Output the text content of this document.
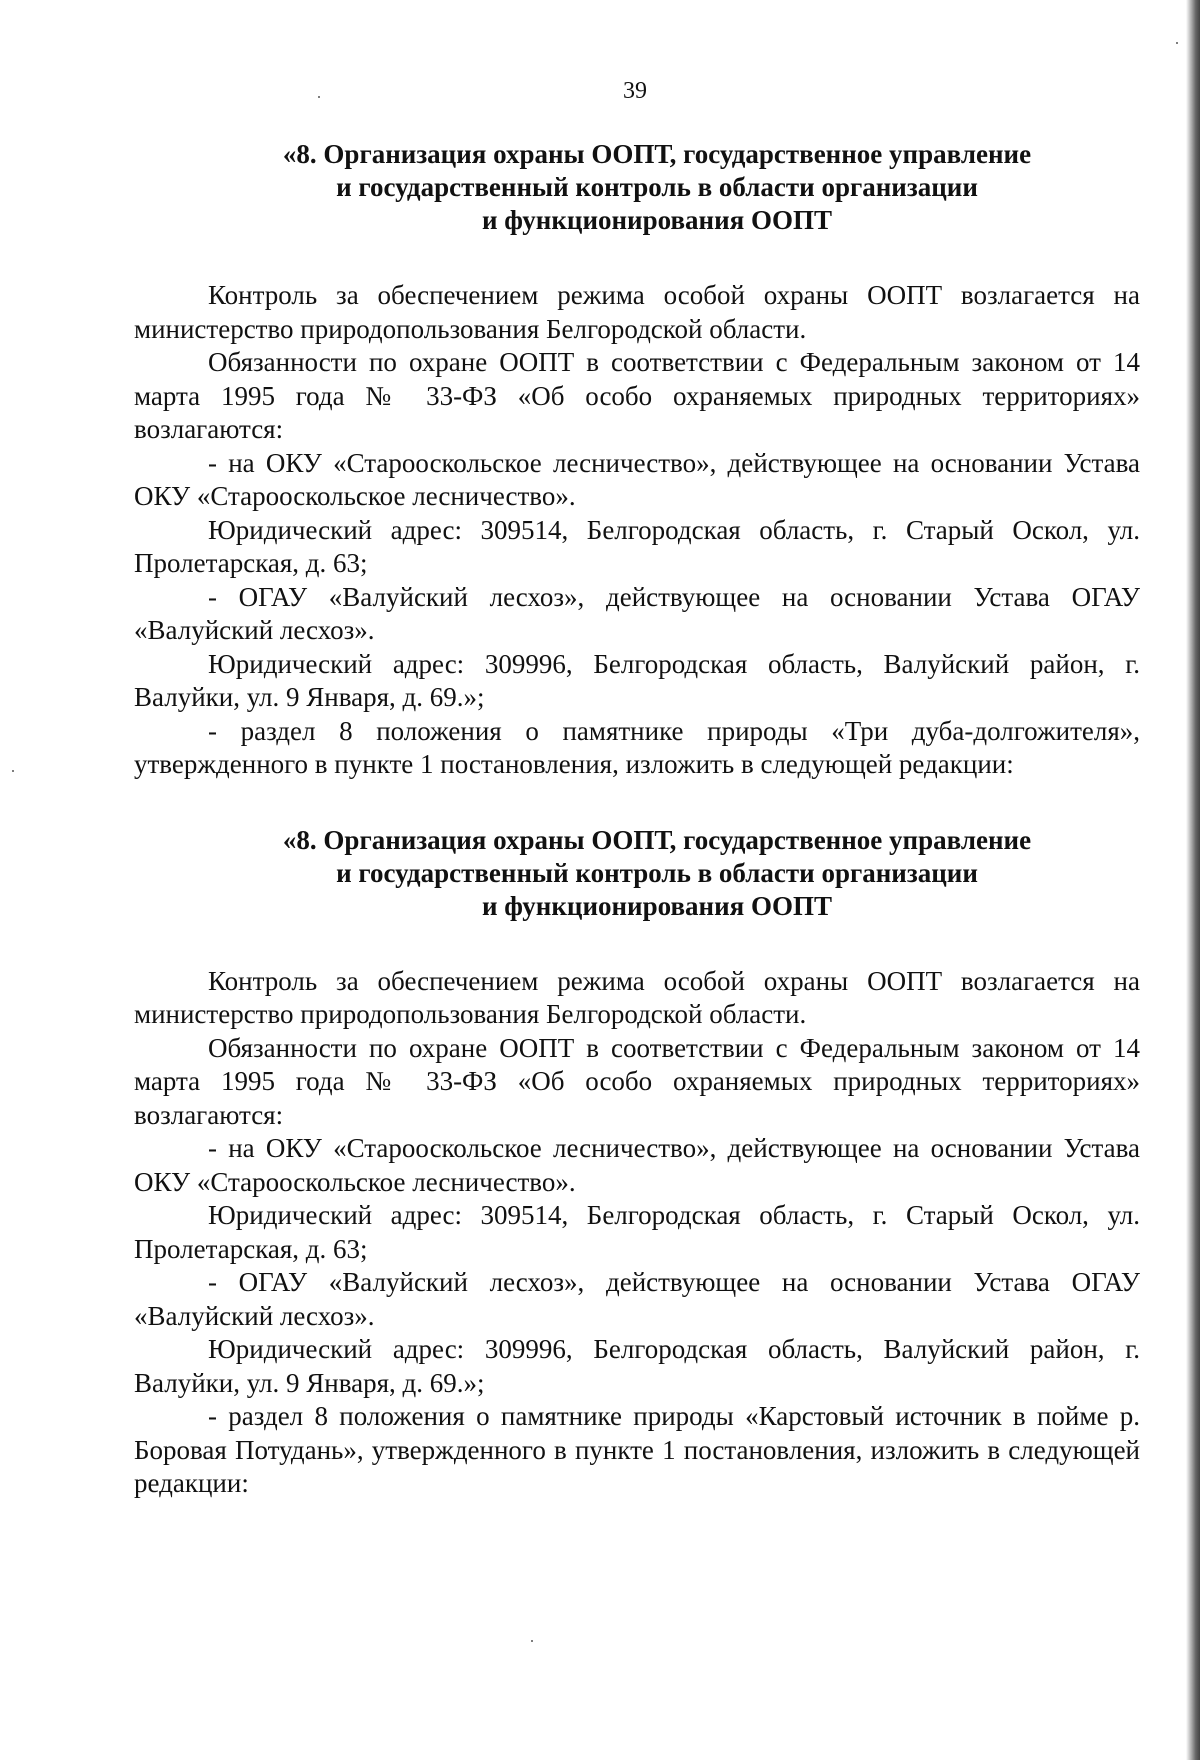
39
«8. Организация охраны ООПТ, государственное управление
и государственный контроль в области организации
и функционирования ООПТ

Контроль за обеспечением режима особой охраны ООПТ возлагается на министерство природопользования Белгородской области.

Обязанности по охране ООПТ в соответствии с Федеральным законом от 14 марта 1995 года № 33-ФЗ «Об особо охраняемых природных территориях» возлагаются:

- на ОКУ «Старооскольское лесничество», действующее на основании Устава ОКУ «Старооскольское лесничество».

Юридический адрес: 309514, Белгородская область, г. Старый Оскол, ул. Пролетарская, д. 63;

- ОГАУ «Валуйский лесхоз», действующее на основании Устава ОГАУ «Валуйский лесхоз».

Юридический адрес: 309996, Белгородская область, Валуйский район, г. Валуйки, ул. 9 Января, д. 69.»;

- раздел 8 положения о памятнике природы «Три дуба-долгожителя», утвержденного в пункте 1 постановления, изложить в следующей редакции:

«8. Организация охраны ООПТ, государственное управление
и государственный контроль в области организации
и функционирования ООПТ

Контроль за обеспечением режима особой охраны ООПТ возлагается на министерство природопользования Белгородской области.

Обязанности по охране ООПТ в соответствии с Федеральным законом от 14 марта 1995 года № 33-ФЗ «Об особо охраняемых природных территориях» возлагаются:

- на ОКУ «Старооскольское лесничество», действующее на основании Устава ОКУ «Старооскольское лесничество».

Юридический адрес: 309514, Белгородская область, г. Старый Оскол, ул. Пролетарская, д. 63;

- ОГАУ «Валуйский лесхоз», действующее на основании Устава ОГАУ «Валуйский лесхоз».

Юридический адрес: 309996, Белгородская область, Валуйский район, г. Валуйки, ул. 9 Января, д. 69.»;

- раздел 8 положения о памятнике природы «Карстовый источник в пойме р. Боровая Потудань», утвержденного в пункте 1 постановления, изложить в следующей редакции:
